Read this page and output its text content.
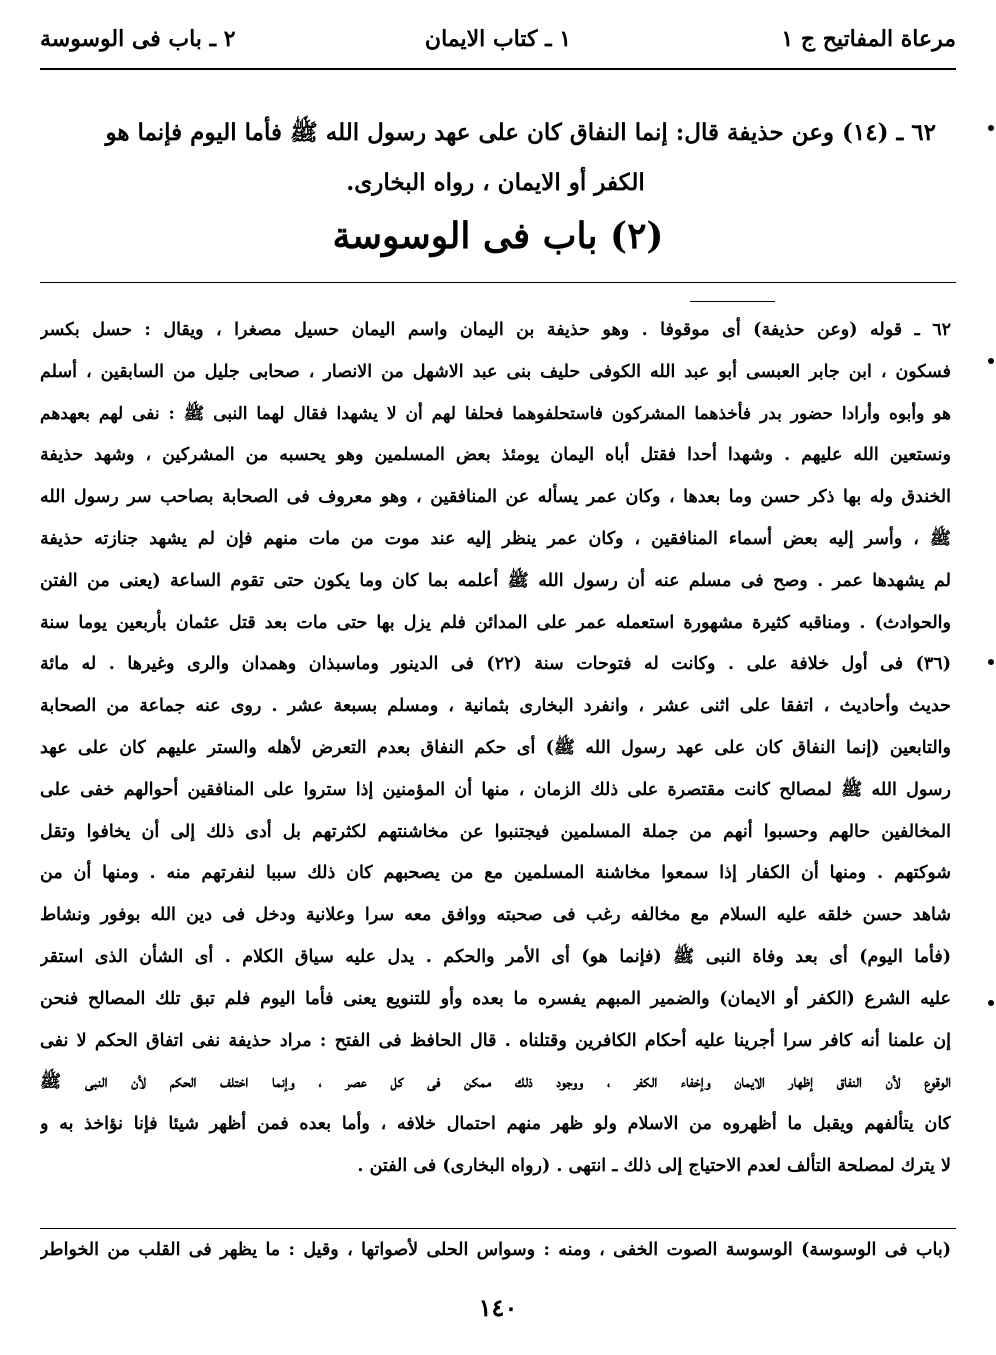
مرعاة المفاتيح ج ١
١ ـ كتاب الايمان
٢ ـ باب فى الوسوسة
٦٢ ـ (١٤) وعن حذيفة قال: إنما النفاق كان على عهد رسول الله ﷺ فأما اليوم فإنما هو
الكفر أو الايمان ، رواه البخارى.
(٢) باب فى الوسوسة
٦٢ ـ قوله (وعن حذيفة) أى موقوفا . وهو حذيفة بن اليمان واسم اليمان حسيل مصغرا ، ويقال : حسل بكسر
فسكون ، ابن جابر العبسى أبو عبد الله الكوفى حليف بنى عبد الاشهل من الانصار ، صحابى جليل من السابقين ، أسلم
هو وأبوه وأرادا حضور بدر فأخذهما المشركون فاستحلفوهما فحلفا لهم أن لا يشهدا فقال لهما النبى ﷺ : نفى لهم بعهدهم
ونستعين الله عليهم . وشهدا أحدا فقتل أباه اليمان يومئذ بعض المسلمين وهو يحسبه من المشركين ، وشهد حذيفة
الخندق وله بها ذكر حسن وما بعدها ، وكان عمر يسأله عن المنافقين ، وهو معروف فى الصحابة بصاحب سر رسول الله
ﷺ ، وأسر إليه بعض أسماء المنافقين ، وكان عمر ينظر إليه عند موت من مات منهم فإن لم يشهد جنازته حذيفة
لم يشهدها عمر . وصح فى مسلم عنه أن رسول الله ﷺ أعلمه بما كان وما يكون حتى تقوم الساعة (يعنى من الفتن
والحوادث) . ومناقبه كثيرة مشهورة استعمله عمر على المدائن فلم يزل بها حتى مات بعد قتل عثمان بأربعين يوما سنة
(٣٦) فى أول خلافة على . وكانت له فتوحات سنة (٢٢) فى الدينور وماسبذان وهمدان والرى وغيرها . له مائة
حديث وأحاديث ، اتفقا على اثنى عشر ، وانفرد البخارى بثمانية ، ومسلم بسبعة عشر . روى عنه جماعة من الصحابة
والتابعين (إنما النفاق كان على عهد رسول الله ﷺ) أى حكم النفاق بعدم التعرض لأهله والستر عليهم كان على عهد
رسول الله ﷺ لمصالح كانت مقتصرة على ذلك الزمان ، منها أن المؤمنين إذا ستروا على المنافقين أحوالهم خفى على
المخالفين حالهم وحسبوا أنهم من جملة المسلمين فيجتنبوا عن مخاشنتهم لكثرتهم بل أدى ذلك إلى أن يخافوا وتقل
شوكتهم . ومنها أن الكفار إذا سمعوا مخاشنة المسلمين مع من يصحبهم كان ذلك سببا لنفرتهم منه . ومنها أن من
شاهد حسن خلقه عليه السلام مع مخالفه رغب فى صحبته ووافق معه سرا وعلانية ودخل فى دين الله بوفور ونشاط
(فأما اليوم) أى بعد وفاة النبى ﷺ (فإنما هو) أى الأمر والحكم . يدل عليه سياق الكلام . أى الشأن الذى استقر
عليه الشرع (الكفر أو الايمان) والضمير المبهم يفسره ما بعده وأو للتنويع يعنى فأما اليوم فلم تبق تلك المصالح فنحن
إن علمنا أنه كافر سرا أجرينا عليه أحكام الكافرين وقتلناه . قال الحافظ فى الفتح : مراد حذيفة نفى اتفاق الحكم لا نفى
الوقوع لأن النفاق إظهار الايمان وإخفاء الكفر ، ووجود ذلك ممكن فى كل عصر ، وإنما اختلف الحكم لأن النبى ﷺ
كان يتألفهم ويقبل ما أظهروه من الاسلام ولو ظهر منهم احتمال خلافه ، وأما بعده فمن أظهر شيئا فإنا نؤاخذ به و
لا يترك لمصلحة التألف لعدم الاحتياج إلى ذلك ـ انتهى . (رواه البخارى) فى الفتن .
(باب فى الوسوسة) الوسوسة الصوت الخفى ، ومنه : وسواس الحلى لأصواتها ، وقيل : ما يظهر فى القلب من الخواطر
١٤٠
